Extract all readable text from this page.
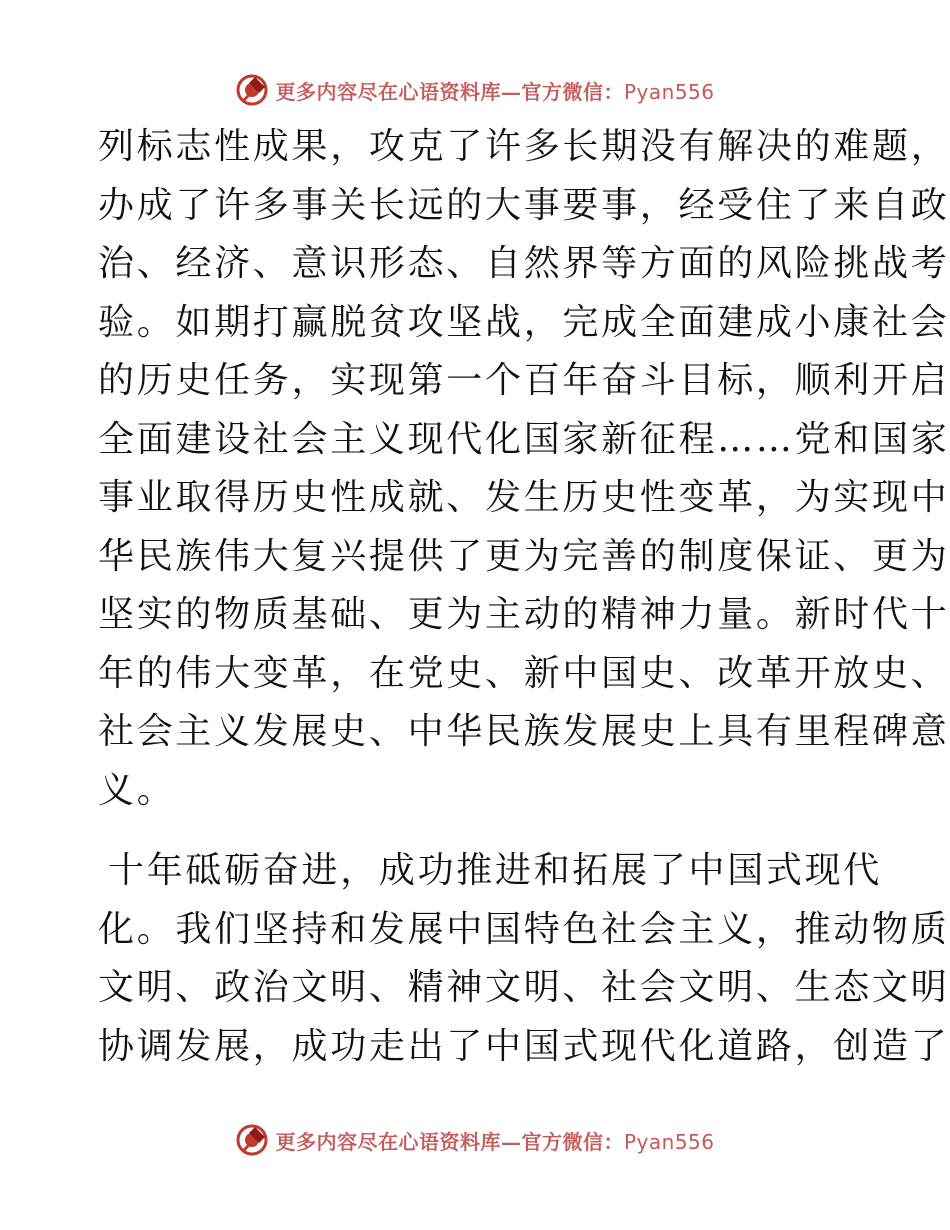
更多内容尽在心语资料库—官方微信：Pyan556
列标志性成果，攻克了许多长期没有解决的难题，
办成了许多事关长远的大事要事，经受住了来自政
治、经济、意识形态、自然界等方面的风险挑战考
验。如期打赢脱贫攻坚战，完成全面建成小康社会
的历史任务，实现第一个百年奋斗目标，顺利开启
全面建设社会主义现代化国家新征程……党和国家
事业取得历史性成就、发生历史性变革，为实现中
华民族伟大复兴提供了更为完善的制度保证、更为
坚实的物质基础、更为主动的精神力量。新时代十
年的伟大变革，在党史、新中国史、改革开放史、
社会主义发展史、中华民族发展史上具有里程碑意
义。
十年砥砺奋进，成功推进和拓展了中国式现代
化。我们坚持和发展中国特色社会主义，推动物质
文明、政治文明、精神文明、社会文明、生态文明
协调发展，成功走出了中国式现代化道路，创造了
更多内容尽在心语资料库—官方微信：Pyan556
